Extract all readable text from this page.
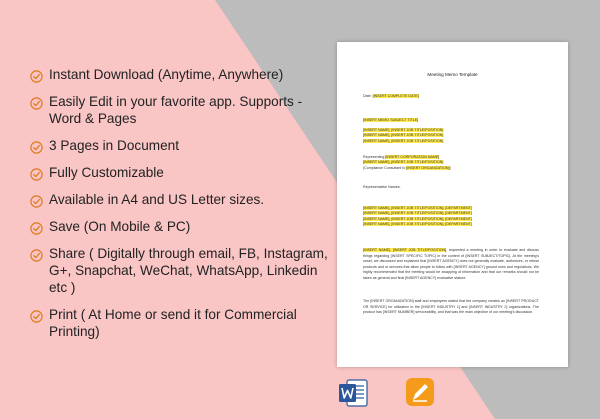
Instant Download (Anytime, Anywhere)
Easily Edit in your favorite app. Supports - Word & Pages
3 Pages in Document
Fully Customizable
Available in A4 and US Letter sizes.
Save (On Mobile & PC)
Share ( Digitally through email, FB, Instagram, G+, Snapchat, WeChat, WhatsApp, Linkedin etc )
Print ( At Home or send it for Commercial Printing)
Meeting Memo Template
Date: [INSERT COMPLETE DATE]
[INSERT MEMO SUBJECT TITLE]
[INSERT NAME], [INSERT JOB TITLE/POSITION]
[INSERT NAME], [INSERT JOB TITLE/POSITION]
[INSERT NAME], [INSERT JOB TITLE/POSITION]
Representing [INSERT CORPORATION NAME]
[INSERT NAME], [INSERT JOB TITLE/POSITION]
(Compliance Consultant to [INSERT ORGANIZATION])
Representative Names:
[INSERT NAME], [INSERT JOB TITLE/POSITION], [DEPARTMENT]
[INSERT NAME], [INSERT JOB TITLE/POSITION], [DEPARTMENT]
[INSERT NAME], [INSERT JOB TITLE/POSITION], [DEPARTMENT]
[INSERT NAME], [INSERT JOB TITLE/POSITION], [DEPARTMENT]
[INSERT NAME], [INSERT JOB TITLE/POSITION], requested a meeting in order to evaluate and discuss things regarding [INSERT SPECIFIC TOPIC] in the context of [INSERT SUBJECT/TOPIC]. At the meeting's onset, we discussed and explained that [INSERT AGENCY] does not generally evaluate, authorizes, or refuse products and or services that allow people to follow with [INSERT AGENCY] ground rules and regulations. We highly recommended that the meeting would be swapping of information and that our remarks should not be taken as general and final [INSERT AGENCY] evaluative stature.
The [INSERT ORGANIZATION] staff and employees stated that the company creates an [INSERT PRODUCT OR SERVICE] for utilization in the [INSERT INDUSTRY 1] and [INSERT INDUSTRY 2] organizations. The product has [INSERT NUMBER] serviceability, and that was the main objective of our meeting's discussion.
